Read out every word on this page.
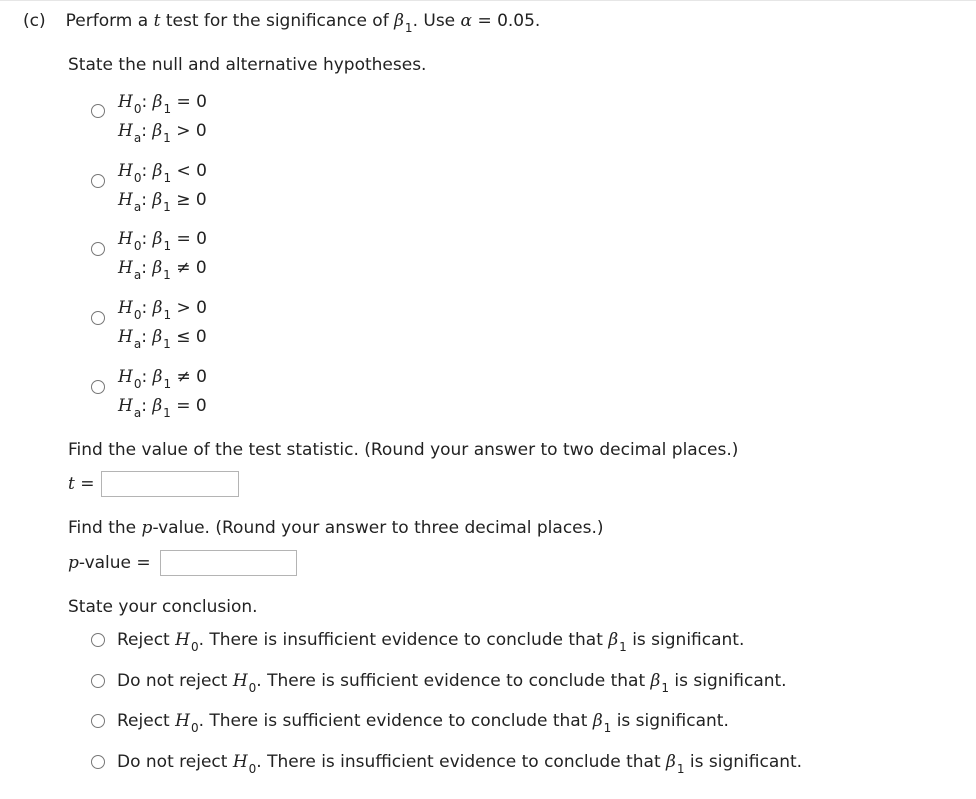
(c) Perform a t test for the significance of $\beta_1$. Use α = 0.05.
State the null and alternative hypotheses.
$H_0$: $\beta_1 = 0$
$H_a$: $\beta_1 > 0$
$H_0$: $\beta_1 < 0$
$H_a$: $\beta_1 \ge 0$
$H_0$: $\beta_1 = 0$
$H_a$: $\beta_1 \ne 0$
$H_0$: $\beta_1 > 0$
$H_a$: $\beta_1 \le 0$
$H_0$: $\beta_1 \ne 0$
$H_a$: $\beta_1 = 0$
Find the value of the test statistic. (Round your answer to two decimal places.)
t =
Find the p-value. (Round your answer to three decimal places.)
p-value =
State your conclusion.
Reject $H_0$. There is insufficient evidence to conclude that $\beta_1$ is significant.
Do not reject $H_0$. There is sufficient evidence to conclude that $\beta_1$ is significant.
Reject $H_0$. There is sufficient evidence to conclude that $\beta_1$ is significant.
Do not reject $H_0$. There is insufficient evidence to conclude that $\beta_1$ is significant.
